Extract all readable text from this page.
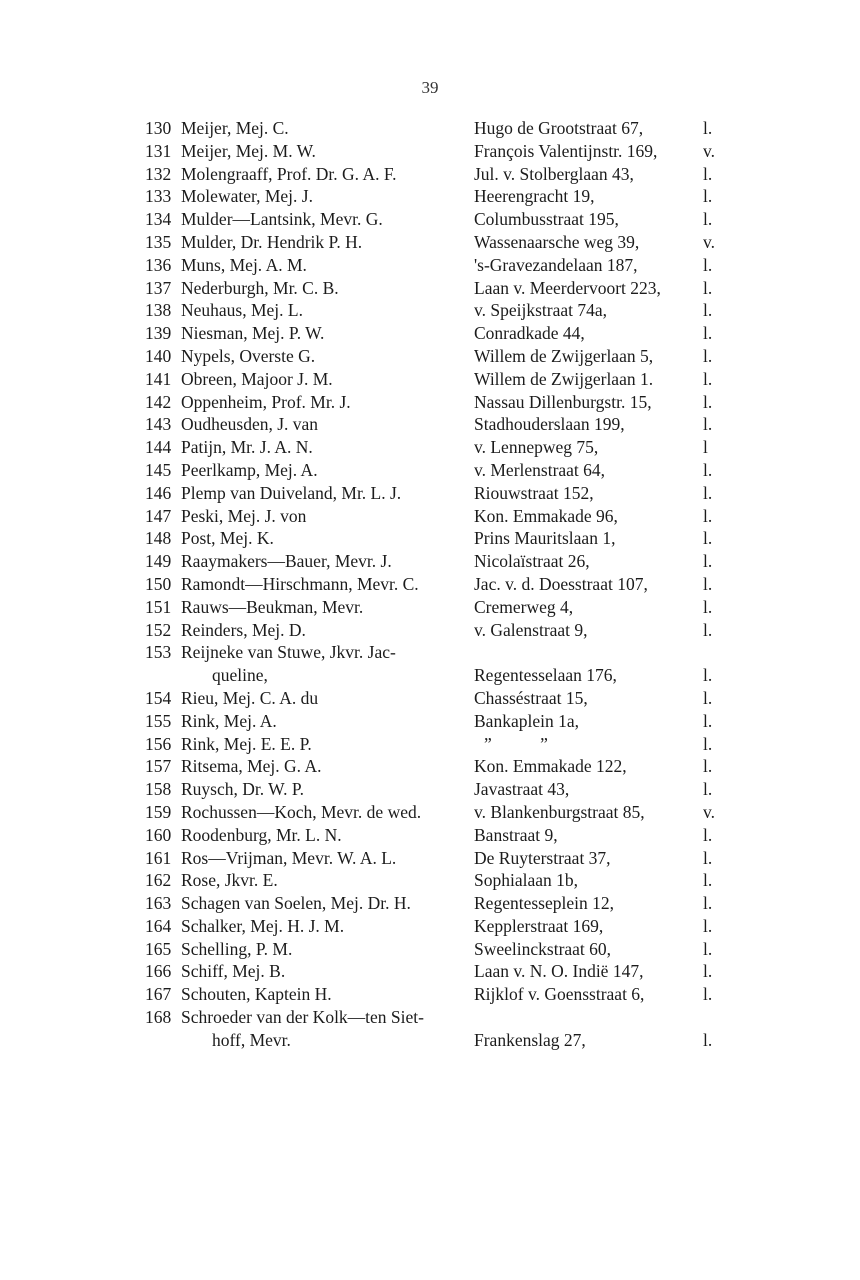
39
130 Meijer, Mej. C.	Hugo de Grootstraat 67,	l.
131 Meijer, Mej. M. W.	François Valentijnstr. 169,	v.
132 Molengraaff, Prof. Dr. G. A. F.	Jul. v. Stolberglaan 43,	l.
133 Molewater, Mej. J.	Heerengracht 19,	l.
134 Mulder—Lantsink, Mevr. G.	Columbusstraat 195,	l.
135 Mulder, Dr. Hendrik P. H.	Wassenaarsche weg 39,	v.
136 Muns, Mej. A. M.	's-Gravezandelaan 187,	l.
137 Nederburgh, Mr. C. B.	Laan v. Meerdervoort 223, l.
138 Neuhaus, Mej. L.	v. Speijkstraat 74a,	l.
139 Niesman, Mej. P. W.	Conradkade 44,	l.
140 Nypels, Overste G.	Willem de Zwijgerlaan 5,	l.
141 Obreen, Majoor J. M.	Willem de Zwijgerlaan 1.	l.
142 Oppenheim, Prof. Mr. J.	Nassau Dillenburgstr. 15,	l.
143 Oudheusden, J. van	Stadhouderslaan 199,	l.
144 Patijn, Mr. J. A. N.	v. Lennepweg 75,	l
145 Peerlkamp, Mej. A.	v. Merlenstraat 64,	l.
146 Plemp van Duiveland, Mr. L. J.	Riouwstraat 152,	l.
147 Peski, Mej. J. von	Kon. Emmakade 96,	l.
148 Post, Mej. K.	Prins Mauritslaan 1,	l.
149 Raaymakers—Bauer, Mevr. J.	Nicolaïstraat 26,	l.
150 Ramondt—Hirschmann, Mevr. C.	Jac. v. d. Doesstraat 107,	l.
151 Rauws—Beukman, Mevr.	Cremerweg 4,	l.
152 Reinders, Mej. D.	v. Galenstraat 9,	l.
153 Reijneke van Stuwe, Jkvr. Jac-
queline,	Regentesselaan 176,	l.
154 Rieu, Mej. C. A. du	Chasséstraat 15,	l.
155 Rink, Mej. A.	Bankaplein 1a,	l.
156 Rink, Mej. E. E. P.	” ”	l.
157 Ritsema, Mej. G. A.	Kon. Emmakade 122,	l.
158 Ruysch, Dr. W. P.	Javastraat 43,	l.
159 Rochussen—Koch, Mevr. de wed.	v. Blankenburgstraat 85,	v.
160 Roodenburg, Mr. L. N.	Banstraat 9,	l.
161 Ros—Vrijman, Mevr. W. A. L.	De Ruyterstraat 37,	l.
162 Rose, Jkvr. E.	Sophialaan 1b,	l.
163 Schagen van Soelen, Mej. Dr. H.	Regentesseplein 12,	l.
164 Schalker, Mej. H. J. M.	Kepplerstraat 169,	l.
165 Schelling, P. M.	Sweelinckstraat 60,	l.
166 Schiff, Mej. B.	Laan v. N. O. Indië 147,	l.
167 Schouten, Kaptein H.	Rijklof v. Goensstraat 6,	l.
168 Schroeder van der Kolk—ten Siet-
hoff, Mevr.	Frankenslag 27,	l.
